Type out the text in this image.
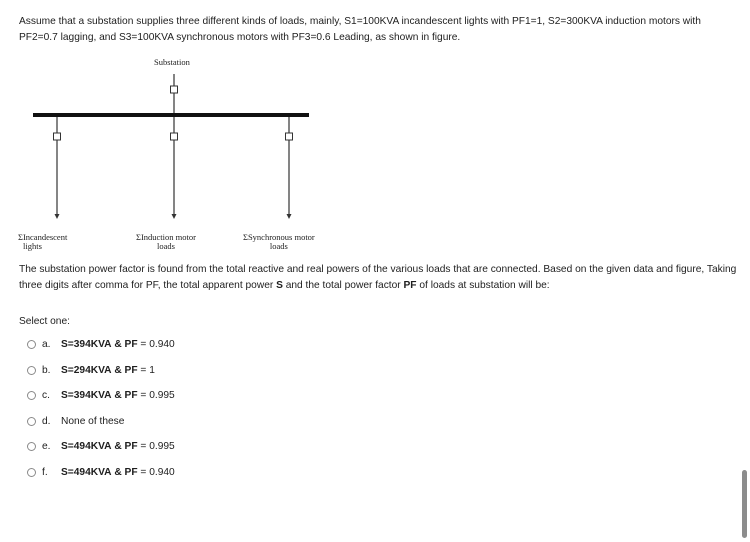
Assume that a substation supplies three different kinds of loads, mainly, S1=100KVA incandescent lights with PF1=1, S2=300KVA induction motors with PF2=0.7 lagging, and S3=100KVA synchronous motors with PF3=0.6 Leading, as shown in figure.

Substation
ΣIncandescent
lights
ΣInduction motor
loads
ΣSynchronous motor
loads

The substation power factor is found from the total reactive and real powers of the various loads that are connected. Based on the given data and figure, Taking three digits after comma for PF, the total apparent power S and the total power factor PF of loads at substation will be:

Select one:
a.	S=394KVA
&
PF
= 0.940
b.	S=294KVA
&
PF
= 1
c.	S=394KVA
&
PF
= 0.995
d.	None of these
e.	S=494KVA
&
PF
= 0.995
f.	S=494KVA
&
PF
= 0.940
